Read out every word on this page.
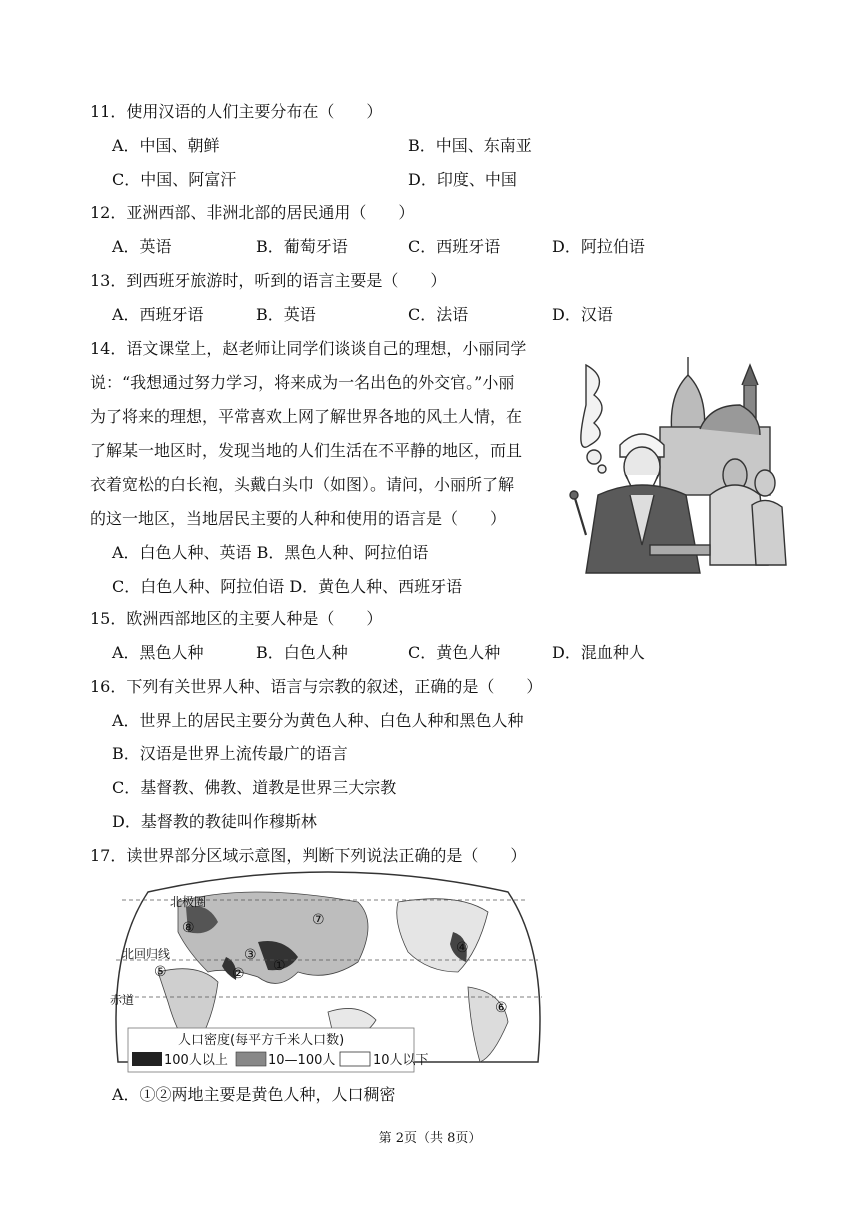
11．使用汉语的人们主要分布在（　　）
A．中国、朝鲜	B．中国、东南亚
C．中国、阿富汗	D．印度、中国
12．亚洲西部、非洲北部的居民通用（　　）
A．英语	B．葡萄牙语	C．西班牙语	D．阿拉伯语
13．到西班牙旅游时，听到的语言主要是（　　）
A．西班牙语	B．英语	C．法语	D．汉语
14．语文课堂上，赵老师让同学们谈谈自己的理想，小丽同学
说：“我想通过努力学习，将来成为一名出色的外交官。”小丽
为了将来的理想，平常喜欢上网了解世界各地的风土人情，在
了解某一地区时，发现当地的人们生活在不平静的地区，而且
衣着宽松的白长袍，头戴白头巾（如图）。请问，小丽所了解
的这一地区，当地居民主要的人种和使用的语言是（　　）
A．白色人种、英语 B．黑色人种、阿拉伯语
C．白色人种、阿拉伯语 D．黄色人种、西班牙语
15．欧洲西部地区的主要人种是（　　）
A．黑色人种	B．白色人种	C．黄色人种	D．混血种人
16．下列有关世界人种、语言与宗教的叙述，正确的是（　　）
A．世界上的居民主要分为黄色人种、白色人种和黑色人种
B．汉语是世界上流传最广的语言
C．基督教、佛教、道教是世界三大宗教
D．基督教的教徒叫作穆斯林
17．读世界部分区域示意图，判断下列说法正确的是（　　）
①
②
③	④
⑤
⑥
⑦
⑧
北极圈
北回归线
赤道
人口密度(每平方千米人口数)
100人以上	10—100人	10人以下
A．①②两地主要是黄色人种，人口稠密
第 2页（共 8页）
